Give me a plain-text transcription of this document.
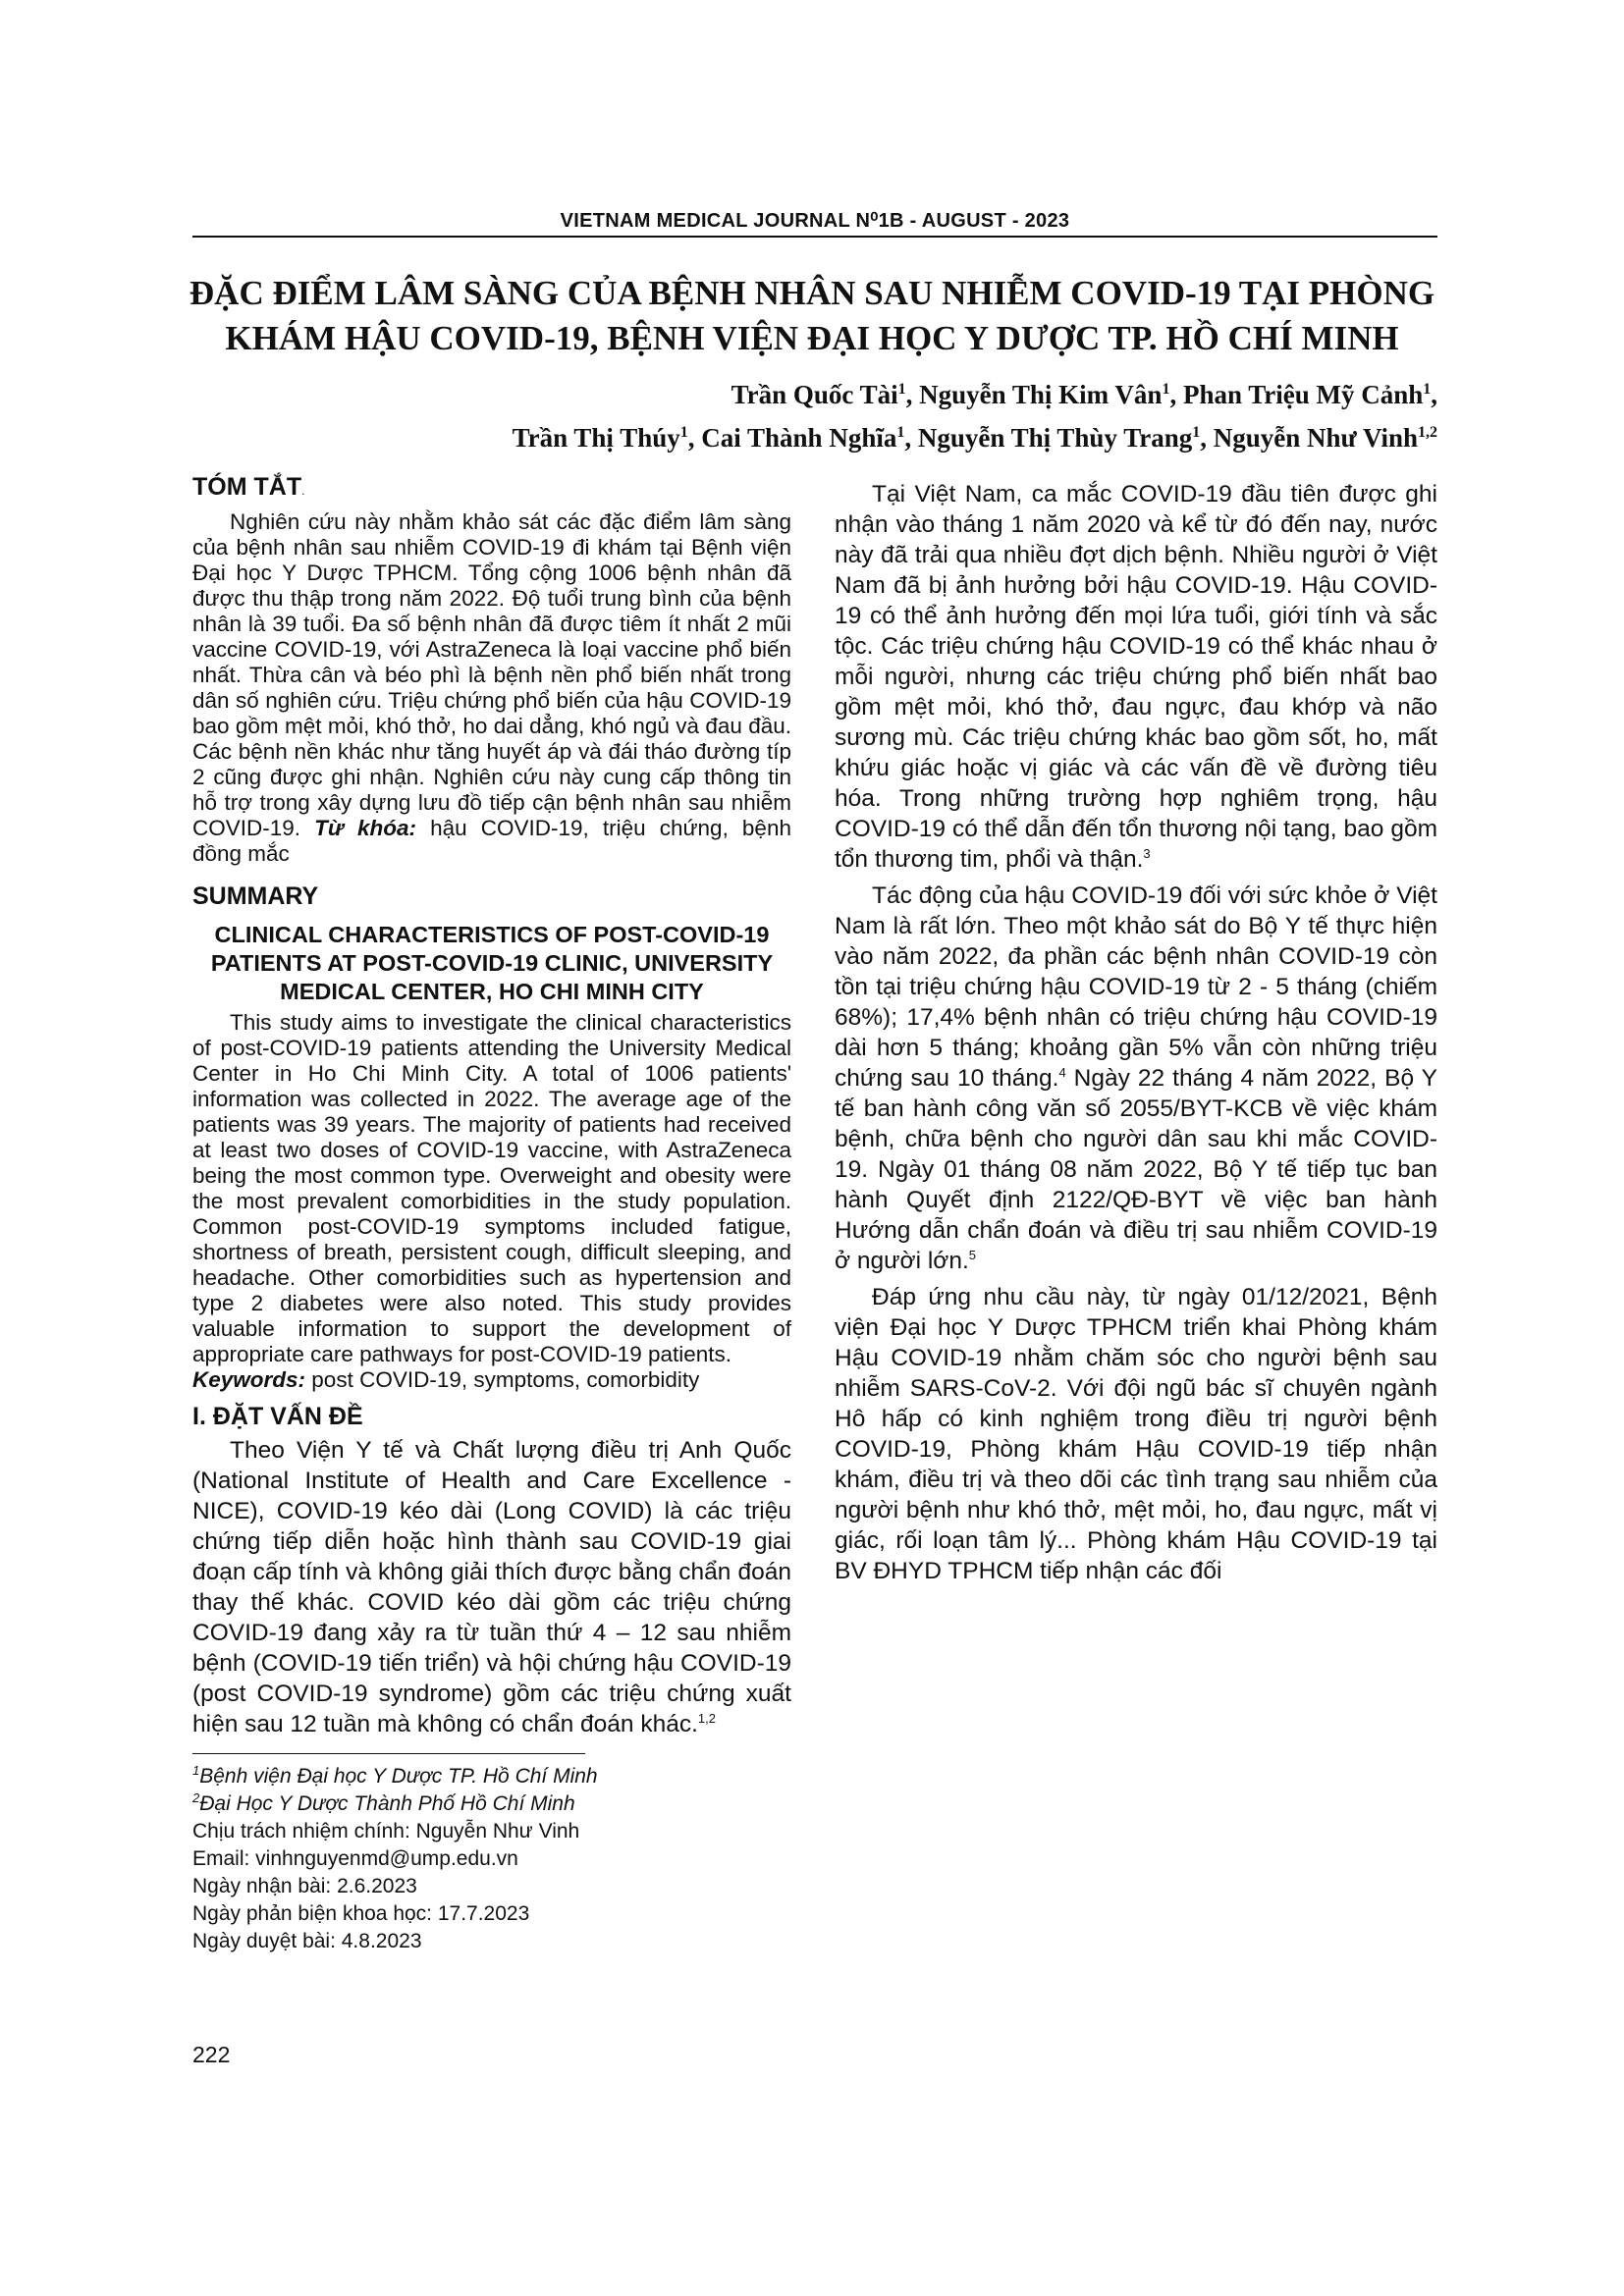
VIETNAM MEDICAL JOURNAL N⁰1B - AUGUST - 2023
ĐẶC ĐIỂM LÂM SÀNG CỦA BỆNH NHÂN SAU NHIỄM COVID-19 TẠI PHÒNG
KHÁM HẬU COVID-19, BỆNH VIỆN ĐẠI HỌC Y DƯỢC TP. HỒ CHÍ MINH
Trần Quốc Tài$^1$, Nguyễn Thị Kim Vân$^1$, Phan Triệu Mỹ Cảnh$^1$,
Trần Thị Thúy$^1$, Cai Thành Nghĩa$^1$, Nguyễn Thị Thùy Trang$^1$, Nguyễn Như Vinh$^{1,2}$
TÓM TẮT.

Nghiên cứu này nhằm khảo sát các đặc điểm lâm sàng của bệnh nhân sau nhiễm COVID-19 đi khám tại Bệnh viện Đại học Y Dược TPHCM. Tổng cộng 1006 bệnh nhân đã được thu thập trong năm 2022. Độ tuổi trung bình của bệnh nhân là 39 tuổi. Đa số bệnh nhân đã được tiêm ít nhất 2 mũi vaccine COVID-19, với AstraZeneca là loại vaccine phổ biến nhất. Thừa cân và béo phì là bệnh nền phổ biến nhất trong dân số nghiên cứu. Triệu chứng phổ biến của hậu COVID-19 bao gồm mệt mỏi, khó thở, ho dai dẳng, khó ngủ và đau đầu. Các bệnh nền khác như tăng huyết áp và đái tháo đường típ 2 cũng được ghi nhận. Nghiên cứu này cung cấp thông tin hỗ trợ trong xây dựng lưu đồ tiếp cận bệnh nhân sau nhiễm COVID-19. Từ khóa: hậu COVID-19, triệu chứng, bệnh đồng mắc

SUMMARY
CLINICAL CHARACTERISTICS OF POST-COVID-19 PATIENTS AT POST-COVID-19 CLINIC, UNIVERSITY MEDICAL CENTER, HO CHI MINH CITY

This study aims to investigate the clinical characteristics of post-COVID-19 patients attending the University Medical Center in Ho Chi Minh City. A total of 1006 patients' information was collected in 2022. The average age of the patients was 39 years. The majority of patients had received at least two doses of COVID-19 vaccine, with AstraZeneca being the most common type. Overweight and obesity were the most prevalent comorbidities in the study population. Common post-COVID-19 symptoms included fatigue, shortness of breath, persistent cough, difficult sleeping, and headache. Other comorbidities such as hypertension and type 2 diabetes were also noted. This study provides valuable information to support the development of appropriate care pathways for post-COVID-19 patients.

Keywords: post COVID-19, symptoms, comorbidity

I. ĐẶT VẤN ĐỀ

Theo Viện Y tế và Chất lượng điều trị Anh Quốc (National Institute of Health and Care Excellence - NICE), COVID-19 kéo dài (Long COVID) là các triệu chứng tiếp diễn hoặc hình thành sau COVID-19 giai đoạn cấp tính và không giải thích được bằng chẩn đoán thay thế khác. COVID kéo dài gồm các triệu chứng COVID-19 đang xảy ra từ tuần thứ 4 – 12 sau nhiễm bệnh (COVID-19 tiến triển) và hội chứng hậu COVID-19 (post COVID-19 syndrome) gồm các triệu chứng xuất hiện sau 12 tuần mà không có chẩn đoán khác.$^{1,2}$

$^1$Bệnh viện Đại học Y Dược TP. Hồ Chí Minh

$^2$Đại Học Y Dược Thành Phố Hồ Chí Minh

Chịu trách nhiệm chính: Nguyễn Như Vinh

Email: vinhnguyenmd@ump.edu.vn

Ngày nhận bài: 2.6.2023

Ngày phản biện khoa học: 17.7.2023

Ngày duyệt bài: 4.8.2023

222

Tại Việt Nam, ca mắc COVID-19 đầu tiên được ghi nhận vào tháng 1 năm 2020 và kể từ đó đến nay, nước này đã trải qua nhiều đợt dịch bệnh. Nhiều người ở Việt Nam đã bị ảnh hưởng bởi hậu COVID-19. Hậu COVID-19 có thể ảnh hưởng đến mọi lứa tuổi, giới tính và sắc tộc. Các triệu chứng hậu COVID-19 có thể khác nhau ở mỗi người, nhưng các triệu chứng phổ biến nhất bao gồm mệt mỏi, khó thở, đau ngực, đau khớp và não sương mù. Các triệu chứng khác bao gồm sốt, ho, mất khứu giác hoặc vị giác và các vấn đề về đường tiêu hóa. Trong những trường hợp nghiêm trọng, hậu COVID-19 có thể dẫn đến tổn thương nội tạng, bao gồm tổn thương tim, phổi và thận.$^3$

Tác động của hậu COVID-19 đối với sức khỏe ở Việt Nam là rất lớn. Theo một khảo sát do Bộ Y tế thực hiện vào năm 2022, đa phần các bệnh nhân COVID-19 còn tồn tại triệu chứng hậu COVID-19 từ 2 - 5 tháng (chiếm 68%); 17,4% bệnh nhân có triệu chứng hậu COVID-19 dài hơn 5 tháng; khoảng gần 5% vẫn còn những triệu chứng sau 10 tháng.$^4$ Ngày 22 tháng 4 năm 2022, Bộ Y tế ban hành công văn số 2055/BYT-KCB về việc khám bệnh, chữa bệnh cho người dân sau khi mắc COVID-19. Ngày 01 tháng 08 năm 2022, Bộ Y tế tiếp tục ban hành Quyết định 2122/QĐ-BYT về việc ban hành Hướng dẫn chẩn đoán và điều trị sau nhiễm COVID-19 ở người lớn.$^5$

Đáp ứng nhu cầu này, từ ngày 01/12/2021, Bệnh viện Đại học Y Dược TPHCM triển khai Phòng khám Hậu COVID-19 nhằm chăm sóc cho người bệnh sau nhiễm SARS-CoV-2. Với đội ngũ bác sĩ chuyên ngành Hô hấp có kinh nghiệm trong điều trị người bệnh COVID-19, Phòng khám Hậu COVID-19 tiếp nhận khám, điều trị và theo dõi các tình trạng sau nhiễm của người bệnh như khó thở, mệt mỏi, ho, đau ngực, mất vị giác, rối loạn tâm lý... Phòng khám Hậu COVID-19 tại BV ĐHYD TPHCM tiếp nhận các đối
